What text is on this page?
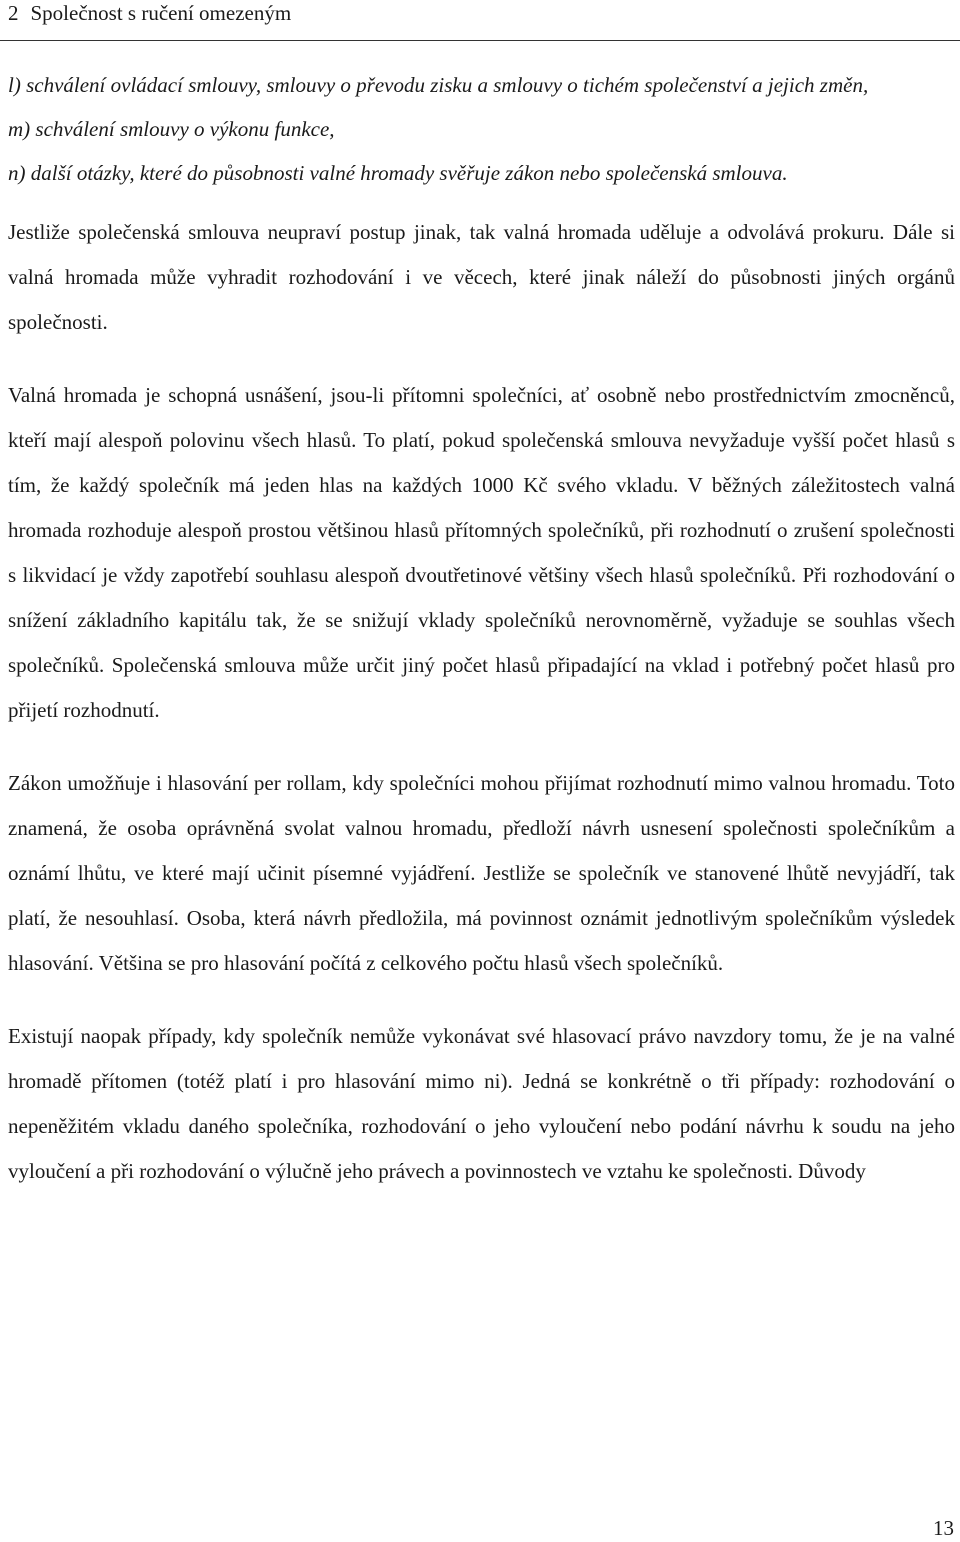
2 Společnost s ručení omezeným

l) schválení ovládací smlouvy, smlouvy o převodu zisku a smlouvy o tichém společenství a jejich změn,

m) schválení smlouvy o výkonu funkce,

n) další otázky, které do působnosti valné hromady svěřuje zákon nebo společenská smlouva.

Jestliže společenská smlouva neupraví postup jinak, tak valná hromada uděluje a odvolává prokuru. Dále si valná hromada může vyhradit rozhodování i ve věcech, které jinak náleží do působnosti jiných orgánů společnosti.

Valná hromada je schopná usnášení, jsou-li přítomni společníci, ať osobně nebo prostřednictvím zmocněnců, kteří mají alespoň polovinu všech hlasů. To platí, pokud společenská smlouva nevyžaduje vyšší počet hlasů s tím, že každý společník má jeden hlas na každých 1000 Kč svého vkladu. V běžných záležitostech valná hromada rozhoduje alespoň prostou většinou hlasů přítomných společníků, při rozhodnutí o zrušení společnosti s likvidací je vždy zapotřebí souhlasu alespoň dvoutřetinové většiny všech hlasů společníků. Při rozhodování o snížení základního kapitálu tak, že se snižují vklady společníků nerovnoměrně, vyžaduje se souhlas všech společníků. Společenská smlouva může určit jiný počet hlasů připadající na vklad i potřebný počet hlasů pro přijetí rozhodnutí.

Zákon umožňuje i hlasování per rollam, kdy společníci mohou přijímat rozhodnutí mimo valnou hromadu. Toto znamená, že osoba oprávněná svolat valnou hromadu, předloží návrh usnesení společnosti společníkům a oznámí lhůtu, ve které mají učinit písemné vyjádření. Jestliže se společník ve stanovené lhůtě nevyjádří, tak platí, že nesouhlasí. Osoba, která návrh předložila, má povinnost oznámit jednotlivým společníkům výsledek hlasování. Většina se pro hlasování počítá z celkového počtu hlasů všech společníků.

Existují naopak případy, kdy společník nemůže vykonávat své hlasovací právo navzdory tomu, že je na valné hromadě přítomen (totéž platí i pro hlasování mimo ni). Jedná se konkrétně o tři případy: rozhodování o nepeněžitém vkladu daného společníka, rozhodování o jeho vyloučení nebo podání návrhu k soudu na jeho vyloučení a při rozhodování o výlučně jeho právech a povinnostech ve vztahu ke společnosti. Důvody

13
